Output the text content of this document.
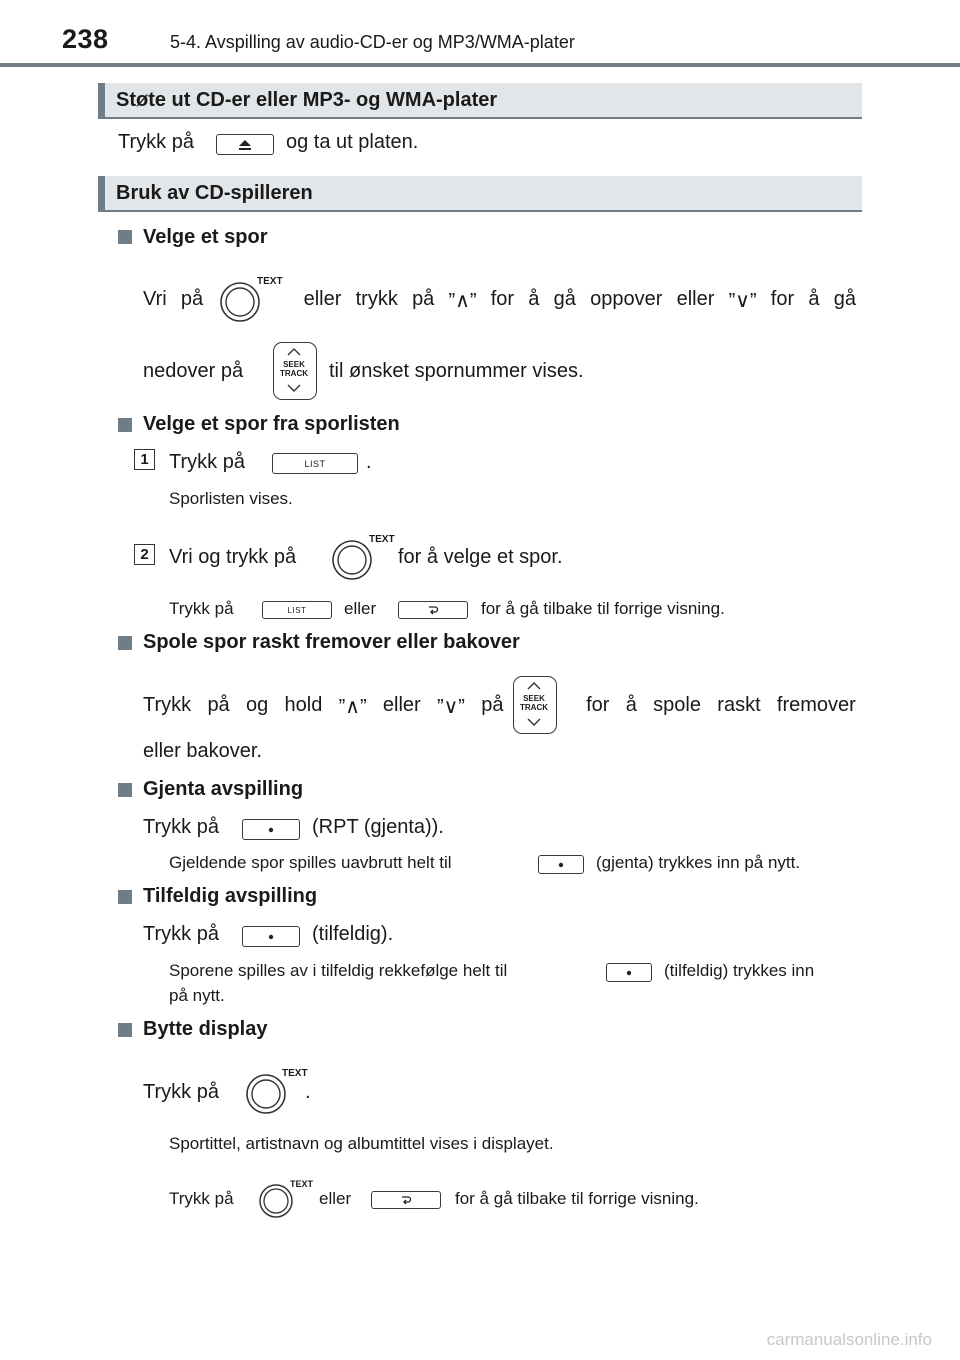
238	5-4. Avspilling av audio-CD-er og MP3/WMA-plater
Støte ut CD-er eller MP3- og WMA-plater
Trykk på	og ta ut platen.
Bruk av CD-spilleren
Velge et spor
Vri på	eller trykk på ”∧” for å gå oppover eller ”∨” for å gå
TEXT
nedover på	SEEK
TRACK	til ønsket spornummer vises.
Velge et spor fra sporlisten
1	Trykk på	LIST .
Sporlisten vises.
2	Vri og trykk på
TEXT
for å velge et spor.
Trykk på	LIST eller	for å gå tilbake til forrige visning.
Spole spor raskt fremover eller bakover
Trykk på og hold ”∧” eller ”∨” på	for å spole raskt fremover
SEEK
TRACK
eller bakover.
Gjenta avspilling
Trykk på	(RPT (gjenta)).
Gjeldende spor spilles uavbrutt helt til	(gjenta) trykkes inn på nytt.
Tilfeldig avspilling
Trykk på	(tilfeldig).
Sporene spilles av i tilfeldig rekkefølge helt til	(tilfeldig) trykkes inn
på nytt.
Bytte display
Trykk på
TEXT
.
Sportittel, artistnavn og albumtittel vises i displayet.
Trykk på
TEXT
eller	for å gå tilbake til forrige visning.
carmanualsonline.info
